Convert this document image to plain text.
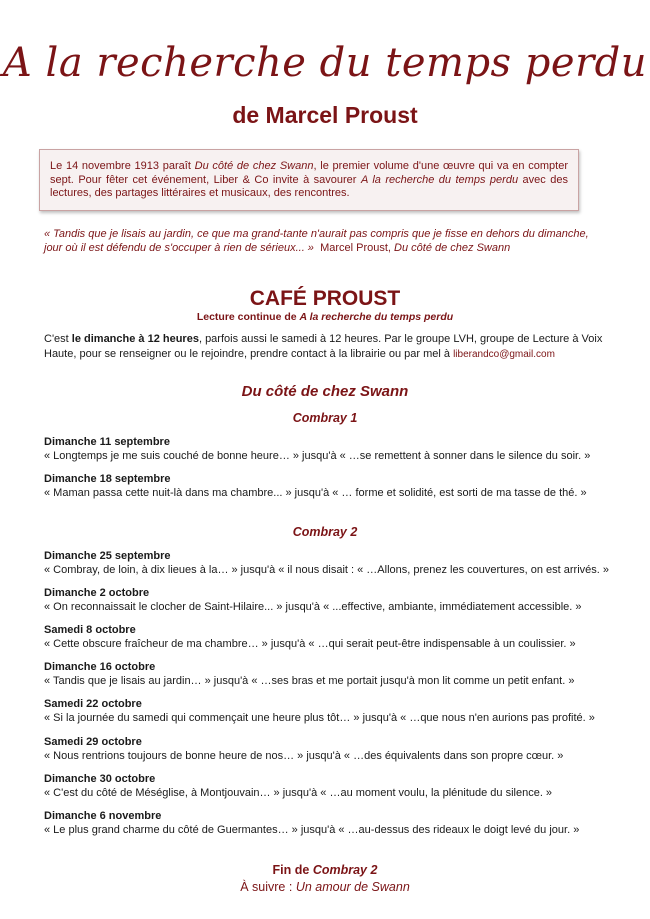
A la recherche du temps perdu
de Marcel Proust
Le 14 novembre 1913 paraît Du côté de chez Swann, le premier volume d'une œuvre qui va en compter sept. Pour fêter cet événement, Liber & Co invite à savourer A la recherche du temps perdu avec des lectures, des partages littéraires et musicaux, des rencontres.
« Tandis que je lisais au jardin, ce que ma grand-tante n'aurait pas compris que je fisse en dehors du dimanche, jour où il est défendu de s'occuper à rien de sérieux... » Marcel Proust, Du côté de chez Swann
CAFÉ PROUST
Lecture continue de A la recherche du temps perdu
C'est le dimanche à 12 heures, parfois aussi le samedi à 12 heures. Par le groupe LVH, groupe de Lecture à Voix Haute, pour se renseigner ou le rejoindre, prendre contact à la librairie ou par mel à liberandco@gmail.com
Du côté de chez Swann
Combray 1
Dimanche 11 septembre
« Longtemps je me suis couché de bonne heure… » jusqu'à « …se remettent à sonner dans le silence du soir. »
Dimanche 18 septembre
« Maman passa cette nuit-là dans ma chambre... » jusqu'à « … forme et solidité, est sorti de ma tasse de thé. »
Combray 2
Dimanche 25 septembre
« Combray, de loin, à dix lieues à la… » jusqu'à « il nous disait : « …Allons, prenez les couvertures, on est arrivés. »
Dimanche 2 octobre
« On reconnaissait le clocher de Saint-Hilaire... » jusqu'à « ...effective, ambiante, immédiatement accessible. »
Samedi 8 octobre
« Cette obscure fraîcheur de ma chambre… » jusqu'à « …qui serait peut-être indispensable à un coulissier. »
Dimanche 16 octobre
« Tandis que je lisais au jardin… » jusqu'à « …ses bras et me portait jusqu'à mon lit comme un petit enfant. »
Samedi 22 octobre
« Si la journée du samedi qui commençait une heure plus tôt… » jusqu'à « …que nous n'en aurions pas profité. »
Samedi 29 octobre
« Nous rentrions toujours de bonne heure de nos… » jusqu'à « …des équivalents dans son propre cœur. »
Dimanche 30 octobre
« C'est du côté de Méséglise, à Montjouvain… » jusqu'à « …au moment voulu, la plénitude du silence. »
Dimanche 6 novembre
« Le plus grand charme du côté de Guermantes… » jusqu'à « …au-dessus des rideaux le doigt levé du jour. »
Fin de Combray 2
À suivre : Un amour de Swann
